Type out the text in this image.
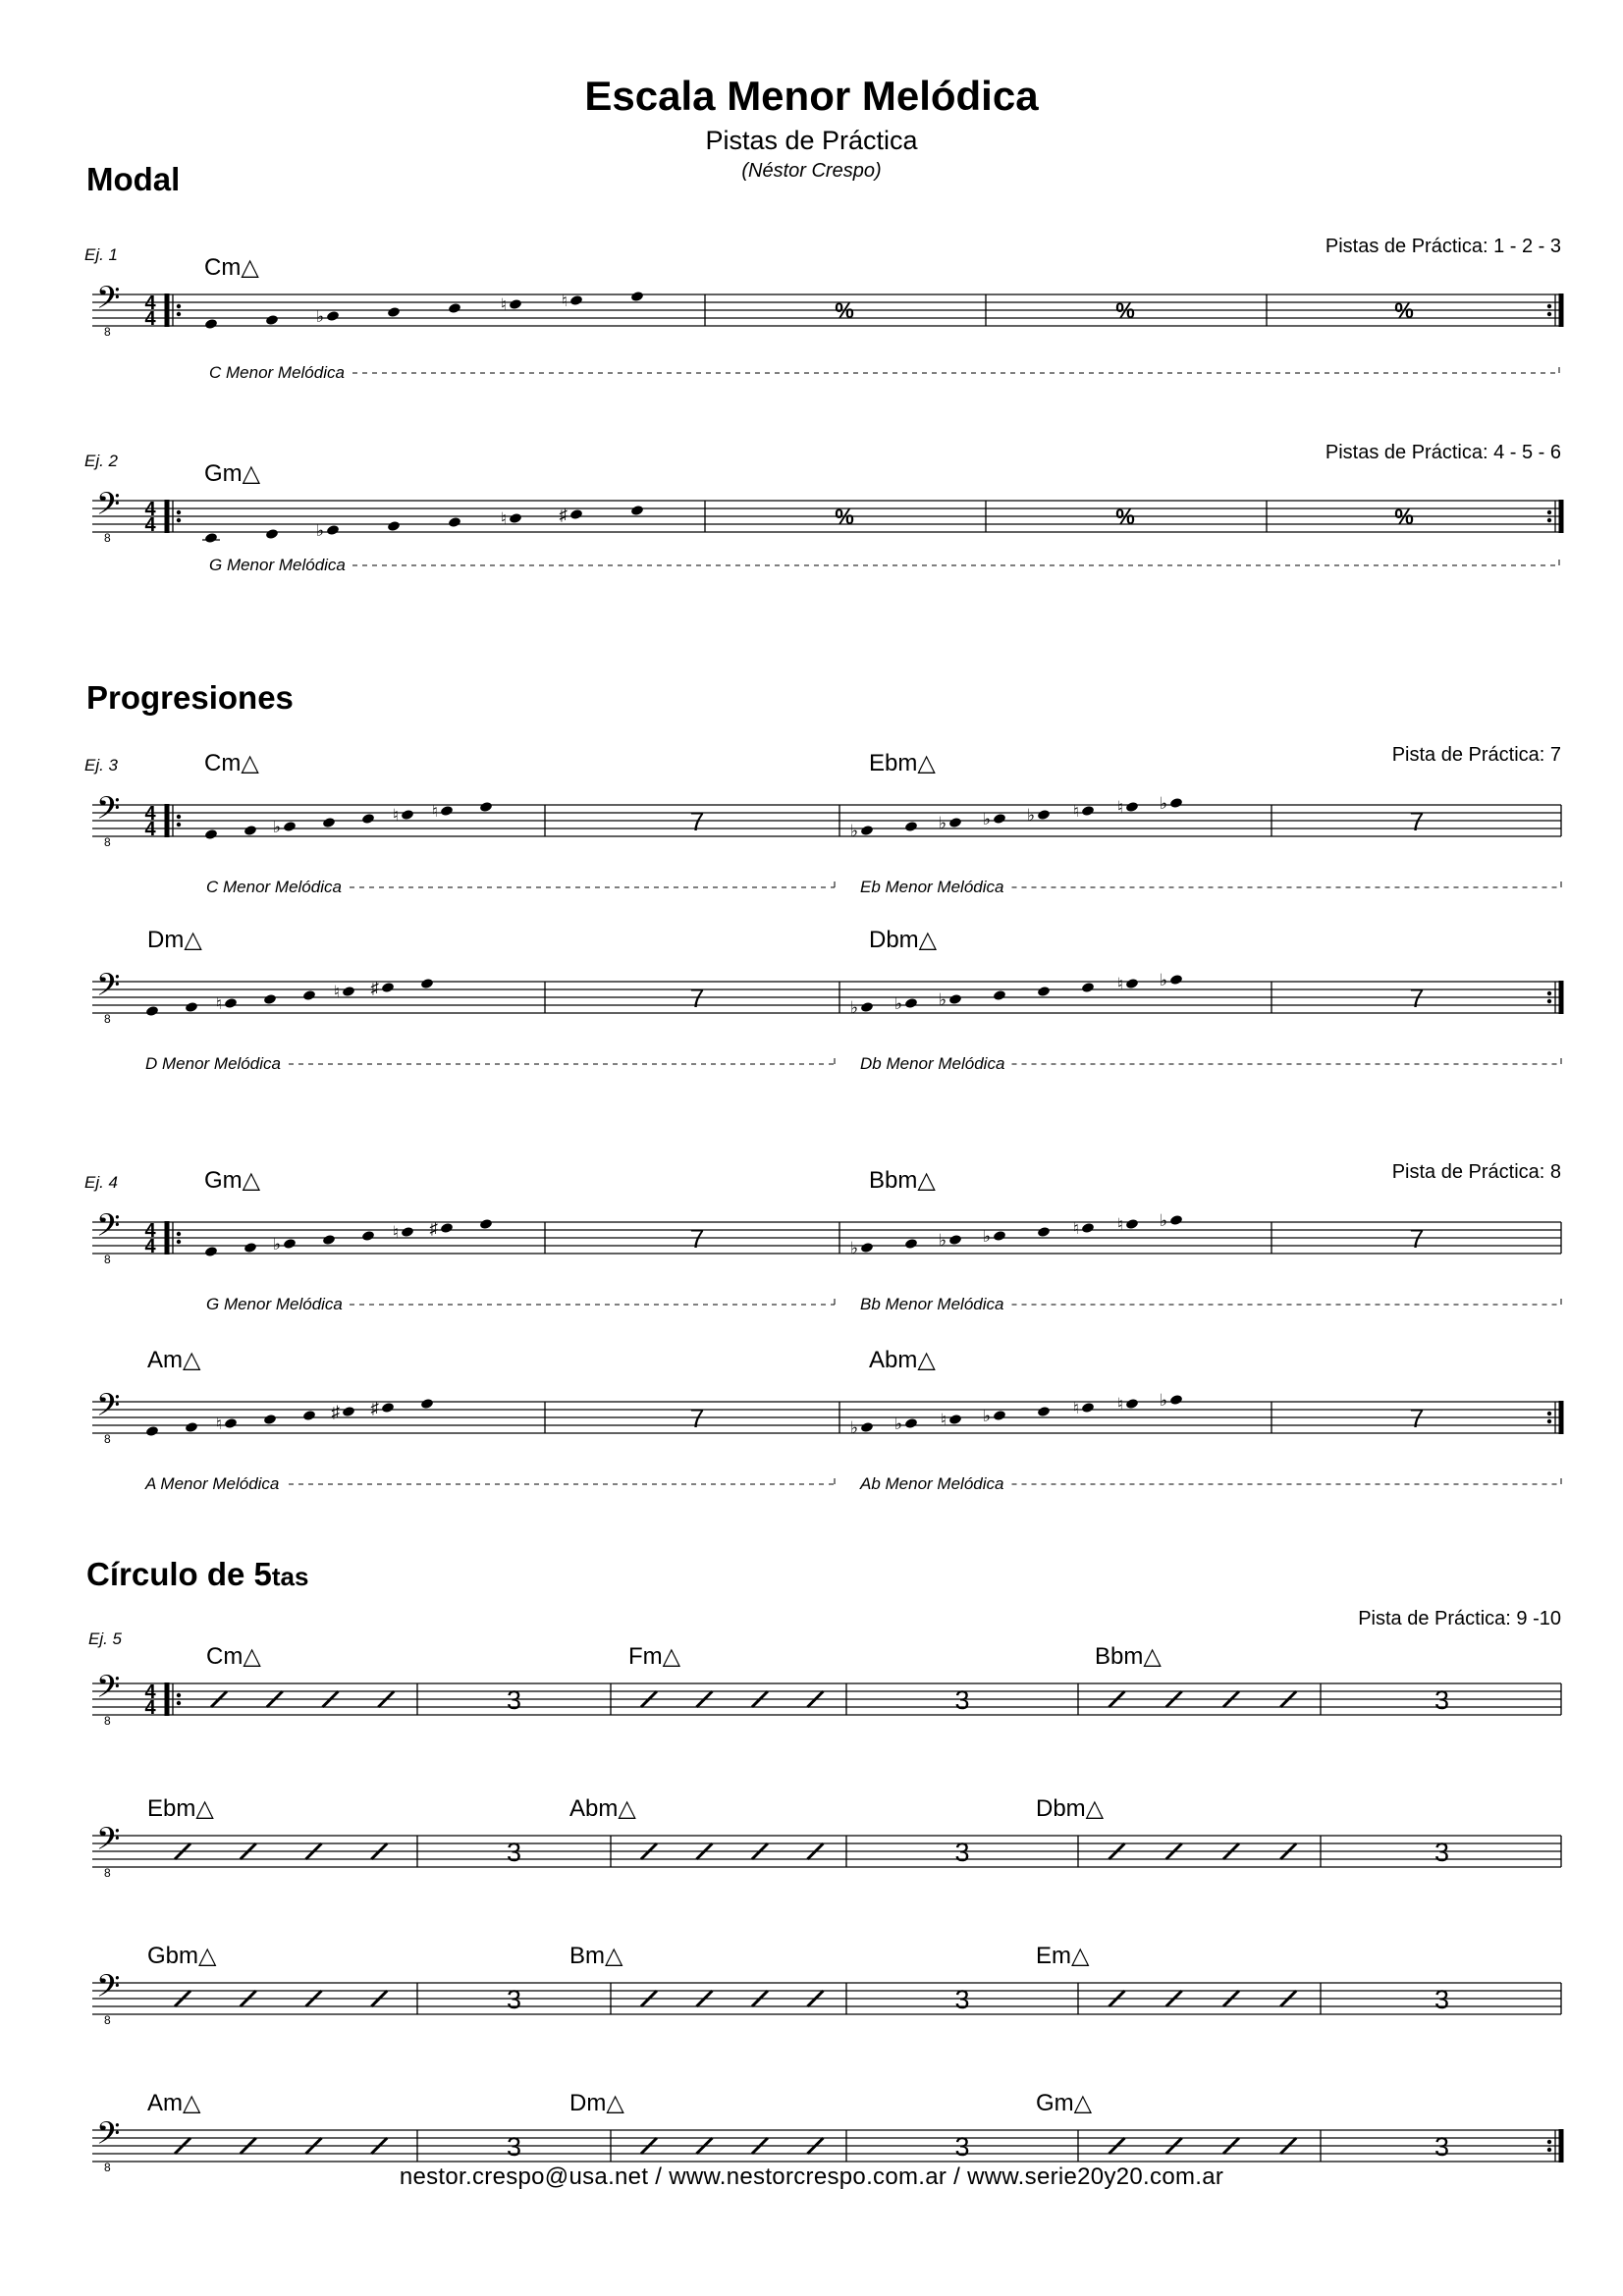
Escala Menor Melódica
Pistas de Práctica
(Néstor Crespo)
Modal
Progresiones
Círculo de 5tas
Ej. 1	Pistas de Práctica: 1 - 2 - 3
𝄢
8
4
4
Cm△
♭
♮	♮	%	%	%
C Menor Melódica
Ej. 2	Pistas de Práctica: 4 - 5 - 6
𝄢
8
4
4
Gm△
♭
♮	♯	%	%	%
G Menor Melódica
Ej. 3	Pista de Práctica: 7
𝄢
8
4
4
Cm△
♭
♮ ♮	7
Ebm△
♭	♭ ♭ ♭ ♮ ♮ ♭
7
C Menor Melódica	Eb Menor Melódica
𝄢
8
Dm△
♮
♮ ♯	7
Dbm△
♭ ♭ ♭
♮ ♭
7
D Menor Melódica	Db Menor Melódica
Ej. 4	Pista de Práctica: 8
𝄢
8
4
4
Gm△
♭
♮ ♯	7
Bbm△
♭	♭ ♭	♮ ♮ ♭
7
G Menor Melódica	Bb Menor Melódica
𝄢
8
Am△
♮
♯ ♯	7
Abm△
♭ ♭ ♮ ♭	♮ ♮ ♭
7
A Menor Melódica	Ab Menor Melódica
Ej. 5
Pista de Práctica: 9 -10
𝄢
8
4
4
Cm△
3
Fm△
3
Bbm△
3
𝄢
8
Ebm△
3
Abm△
3
Dbm△
3
𝄢
8
Gbm△
3
Bm△
3
Em△
3
𝄢
8
Am△
3
Dm△
3
Gm△
3
nestor.crespo@usa.net / www.nestorcrespo.com.ar / www.serie20y20.com.ar
